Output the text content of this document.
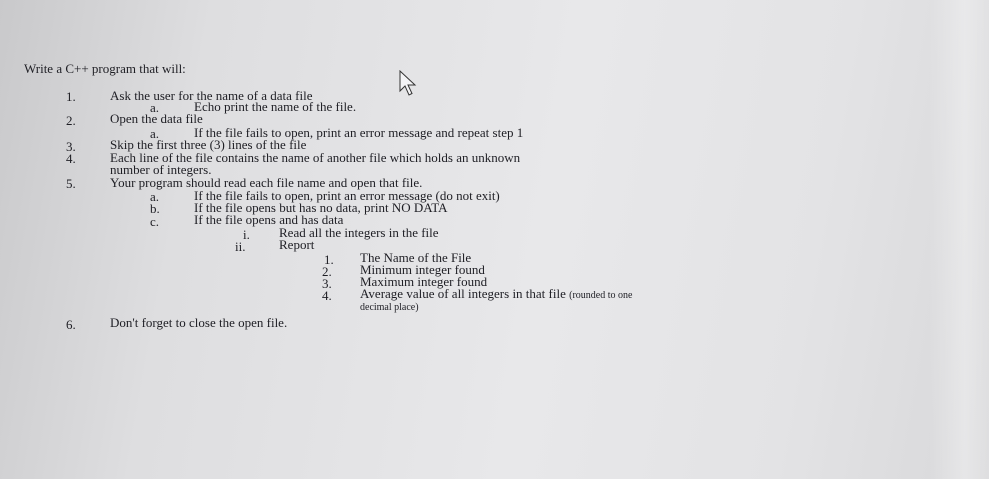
Write a C++ program that will:
1.	Ask the user for the name of a data file
a.	Echo print the name of the file.
2.	Open the data file
a.	If the file fails to open, print an error message and repeat step 1
3.	Skip the first three (3) lines of the file
4.	Each line of the file contains the name of another file which holds an unknown
number of integers.
5.	Your program should read each file name and open that file.
a.	If the file fails to open, print an error message (do not exit)
b.	If the file opens but has no data, print NO DATA
c.	If the file opens and has data
i. Read all the integers in the file
ii.	Report
1. The Name of the File
2. Minimum integer found
3. Maximum integer found
4. Average value of all integers in that file (rounded to one
decimal place)
6.	Don't forget to close the open file.
